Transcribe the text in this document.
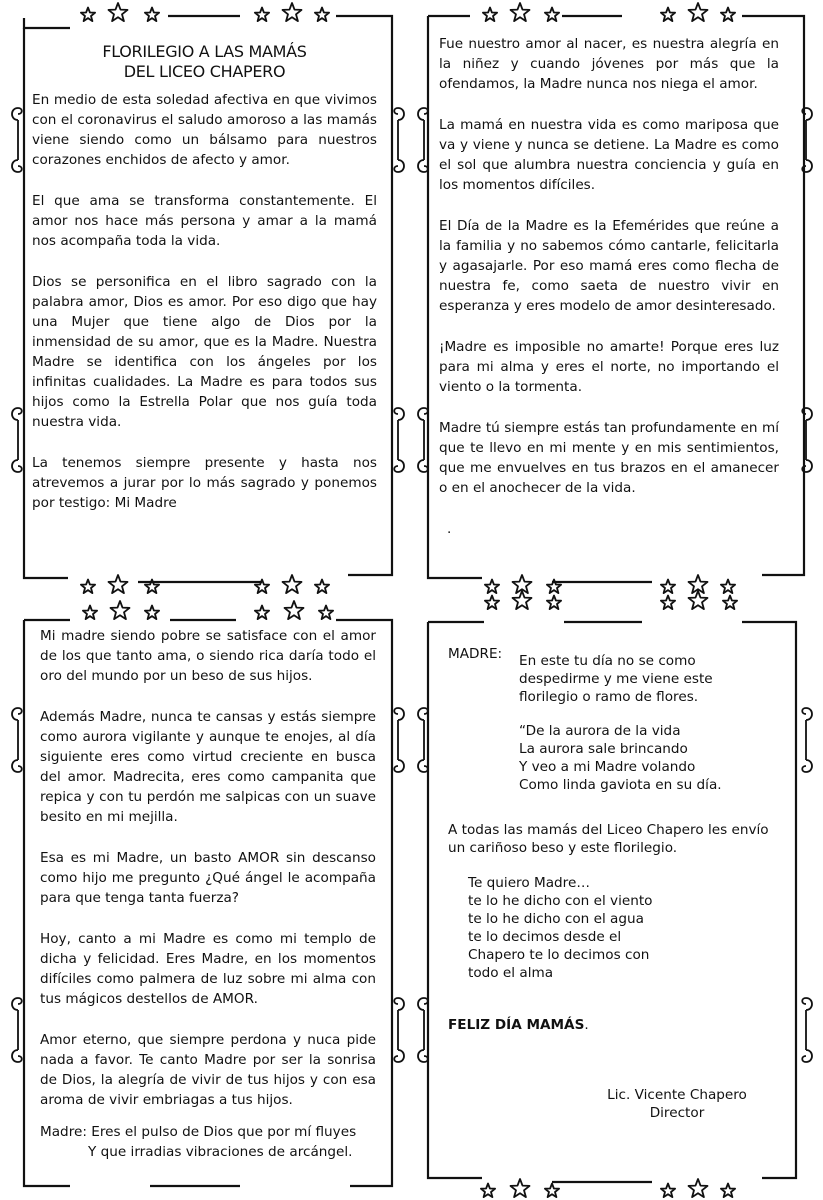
FLORILEGIO A LAS MAMÁS
DEL LICEO CHAPERO

En medio de esta soledad afectiva en que vivimos con el coronavirus el saludo amoroso a las mamás viene siendo como un bálsamo para nuestros corazones enchidos de afecto y amor.

El que ama se transforma constantemente. El amor nos hace más persona y amar a la mamá nos acompaña toda la vida.

Dios se personifica en el libro sagrado con la palabra amor, Dios es amor. Por eso digo que hay una Mujer que tiene algo de Dios por la inmensidad de su amor, que es la Madre. Nuestra Madre se identifica con los ángeles por los infinitas cualidades. La Madre es para todos sus hijos como la Estrella Polar que nos guía toda nuestra vida.

La tenemos siempre presente y hasta nos atrevemos a jurar por lo más sagrado y ponemos por testigo: Mi Madre

Fue nuestro amor al nacer, es nuestra alegría en la niñez y cuando jóvenes por más que la ofendamos, la Madre nunca nos niega el amor.

La mamá en nuestra vida es como mariposa que va y viene y nunca se detiene. La Madre es como el sol que alumbra nuestra conciencia y guía en los momentos difíciles.

El Día de la Madre es la Efemérides que reúne a la familia y no sabemos cómo cantarle, felicitarla y agasajarle. Por eso mamá eres como flecha de nuestra fe, como saeta de nuestro vivir en esperanza y eres modelo de amor desinteresado.

¡Madre es imposible no amarte! Porque eres luz para mi alma y eres el norte, no importando el viento o la tormenta.

Madre tú siempre estás tan profundamente en mí que te llevo en mi mente y en mis sentimientos, que me envuelves en tus brazos en el amanecer o en el anochecer de la vida.

.

Mi madre siendo pobre se satisface con el amor de los que tanto ama, o siendo rica daría todo el oro del mundo por un beso de sus hijos.

Además Madre, nunca te cansas y estás siempre como aurora vigilante y aunque te enojes, al día siguiente eres como virtud creciente en busca del amor. Madrecita, eres como campanita que repica y con tu perdón me salpicas con un suave besito en mi mejilla.

Esa es mi Madre, un basto AMOR sin descanso como hijo me pregunto ¿Qué ángel le acompaña para que tenga tanta fuerza?

Hoy, canto a mi Madre es como mi templo de dicha y felicidad. Eres Madre, en los momentos difíciles como palmera de luz sobre mi alma con tus mágicos destellos de AMOR.

Amor eterno, que siempre perdona y nuca pide nada a favor. Te canto Madre por ser la sonrisa de Dios, la alegría de vivir de tus hijos y con esa aroma de vivir embriagas a tus hijos.

Madre: Eres el pulso de Dios que por mí fluyes
Y que irradias vibraciones de arcángel.
MADRE: En este tu día no se como
despedirme y me viene este
florilegio o ramo de flores.
“De la aurora de la vida
La aurora sale brincando
Y veo a mi Madre volando
Como linda gaviota en su día.
A todas las mamás del Liceo Chapero les envío
un cariñoso beso y este florilegio.
Te quiero Madre…
te lo he dicho con el viento
te lo he dicho con el agua
te lo decimos desde el
Chapero te lo decimos con
todo el alma
FELIZ DÍA MAMÁS.
Lic. Vicente Chapero
Director
